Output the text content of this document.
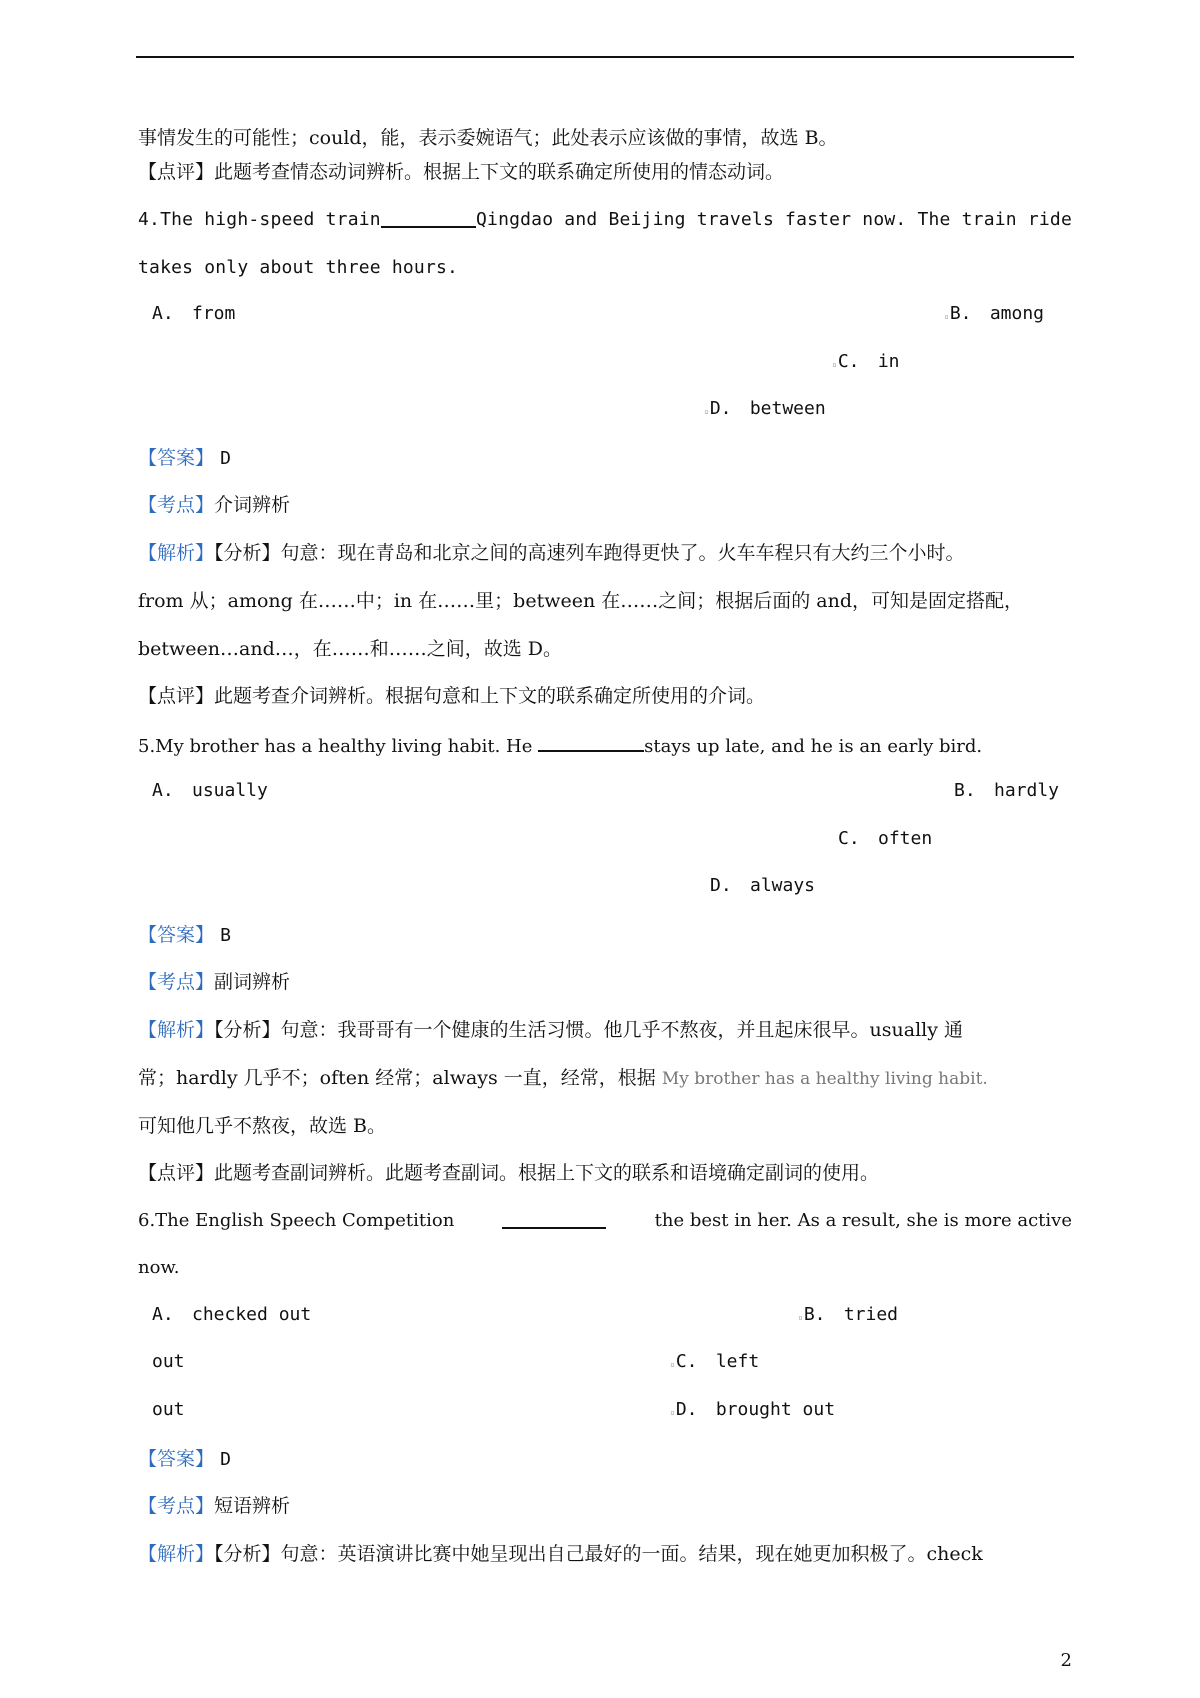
事情发生的可能性；could，能，表示委婉语气；此处表示应该做的事情，故选 B。
【点评】此题考查情态动词辨析。根据上下文的联系确定所使用的情态动词。
4.The high-speed train	Qingdao and Beijing travels faster now. The train ride
takes only about three hours.
A. from	▫B. among
▫C. in
▫D. between
【答案】 D
【考点】介词辨析
【解析】【分析】句意：现在青岛和北京之间的高速列车跑得更快了。火车车程只有大约三个小时。
from 从；among 在……中；in 在……里；between 在……之间；根据后面的 and，可知是固定搭配，
between…and…，在……和……之间，故选 D。
【点评】此题考查介词辨析。根据句意和上下文的联系确定所使用的介词。
5.My brother has a healthy living habit. He	stays up late, and he is an early bird.
A. usually	B. hardly
C. often
D. always
【答案】 B
【考点】副词辨析
【解析】【分析】句意：我哥哥有一个健康的生活习惯。他几乎不熬夜，并且起床很早。usually 通
常；hardly 几乎不；often 经常；always 一直，经常，根据 My brother has a healthy living habit.
可知他几乎不熬夜，故选 B。
【点评】此题考查副词辨析。此题考查副词。根据上下文的联系和语境确定副词的使用。
6.The English Speech Competition	the best in her. As a result, she is more active
now.
A. checked out	▫B. tried
out	▫C. left
out	▫D. brought out
【答案】 D
【考点】短语辨析
【解析】【分析】句意：英语演讲比赛中她呈现出自己最好的一面。结果，现在她更加积极了。check
2
